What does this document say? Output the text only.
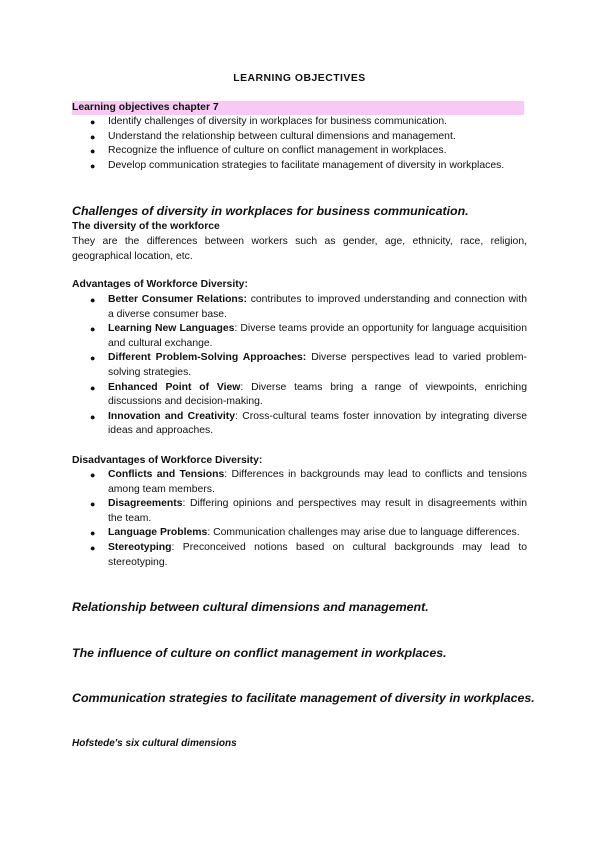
LEARNING OBJECTIVES
Learning objectives chapter 7
● Identify challenges of diversity in workplaces for business communication.
● Understand the relationship between cultural dimensions and management.
● Recognize the influence of culture on conflict management in workplaces.
● Develop communication strategies to facilitate management of diversity in workplaces.
Challenges of diversity in workplaces for business communication.
The diversity of the workforce
They are the differences between workers such as gender, age, ethnicity, race, religion, geographical location, etc.
Advantages of Workforce Diversity:
● Better Consumer Relations: contributes to improved understanding and connection with a diverse consumer base.
● Learning New Languages: Diverse teams provide an opportunity for language acquisition and cultural exchange.
● Different Problem-Solving Approaches: Diverse perspectives lead to varied problem-solving strategies.
● Enhanced Point of View: Diverse teams bring a range of viewpoints, enriching discussions and decision-making.
● Innovation and Creativity: Cross-cultural teams foster innovation by integrating diverse ideas and approaches.
Disadvantages of Workforce Diversity:
● Conflicts and Tensions: Differences in backgrounds may lead to conflicts and tensions among team members.
● Disagreements: Differing opinions and perspectives may result in disagreements within the team.
● Language Problems: Communication challenges may arise due to language differences.
● Stereotyping: Preconceived notions based on cultural backgrounds may lead to stereotyping.
Relationship between cultural dimensions and management.
The influence of culture on conflict management in workplaces.
Communication strategies to facilitate management of diversity in workplaces.
Hofstede's six cultural dimensions
